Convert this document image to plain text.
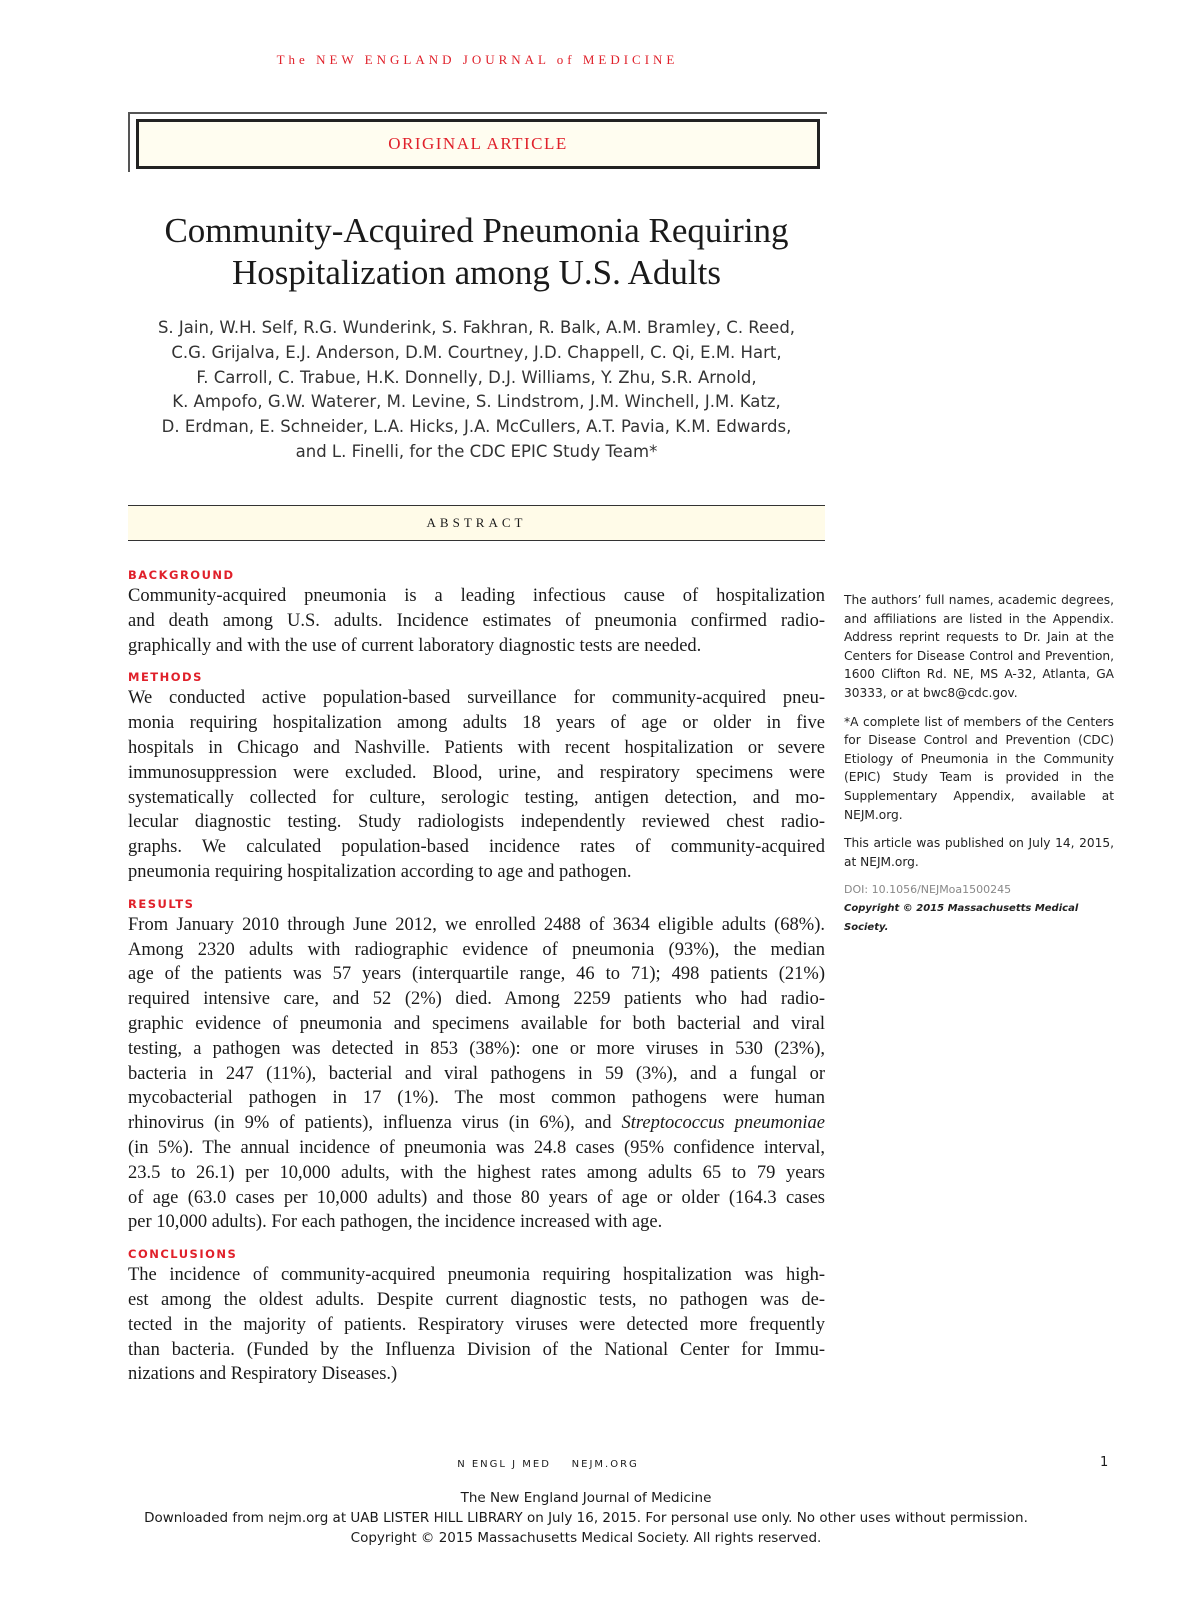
The NEW ENGLAND JOURNAL of MEDICINE
ORIGINAL ARTICLE
Community-Acquired Pneumonia Requiring
Hospitalization among U.S. Adults
S. Jain, W.H. Self, R.G. Wunderink, S. Fakhran, R. Balk, A.M. Bramley, C. Reed,
C.G. Grijalva, E.J. Anderson, D.M. Courtney, J.D. Chappell, C. Qi, E.M. Hart,
F. Carroll, C. Trabue, H.K. Donnelly, D.J. Williams, Y. Zhu, S.R. Arnold,
K. Ampofo, G.W. Waterer, M. Levine, S. Lindstrom, J.M. Winchell, J.M. Katz,
D. Erdman, E. Schneider, L.A. Hicks, J.A. McCullers, A.T. Pavia, K.M. Edwards,
and L. Finelli, for the CDC EPIC Study Team*
ABSTRACT
BACKGROUND
Community-acquired pneumonia is a leading infectious cause of hospitalization
and death among U.S. adults. Incidence estimates of pneumonia confirmed radio-
graphically and with the use of current laboratory diagnostic tests are needed.
METHODS
We conducted active population-based surveillance for community-acquired pneu-
monia requiring hospitalization among adults 18 years of age or older in five
hospitals in Chicago and Nashville. Patients with recent hospitalization or severe
immunosuppression were excluded. Blood, urine, and respiratory specimens were
systematically collected for culture, serologic testing, antigen detection, and mo-
lecular diagnostic testing. Study radiologists independently reviewed chest radio-
graphs. We calculated population-based incidence rates of community-acquired
pneumonia requiring hospitalization according to age and pathogen.
RESULTS
From January 2010 through June 2012, we enrolled 2488 of 3634 eligible adults (68%).
Among 2320 adults with radiographic evidence of pneumonia (93%), the median
age of the patients was 57 years (interquartile range, 46 to 71); 498 patients (21%)
required intensive care, and 52 (2%) died. Among 2259 patients who had radio-
graphic evidence of pneumonia and specimens available for both bacterial and viral
testing, a pathogen was detected in 853 (38%): one or more viruses in 530 (23%),
bacteria in 247 (11%), bacterial and viral pathogens in 59 (3%), and a fungal or
mycobacterial pathogen in 17 (1%). The most common pathogens were human
rhinovirus (in 9% of patients), influenza virus (in 6%), and Streptococcus pneumoniae
(in 5%). The annual incidence of pneumonia was 24.8 cases (95% confidence interval,
23.5 to 26.1) per 10,000 adults, with the highest rates among adults 65 to 79 years
of age (63.0 cases per 10,000 adults) and those 80 years of age or older (164.3 cases
per 10,000 adults). For each pathogen, the incidence increased with age.
CONCLUSIONS
The incidence of community-acquired pneumonia requiring hospitalization was high-
est among the oldest adults. Despite current diagnostic tests, no pathogen was de-
tected in the majority of patients. Respiratory viruses were detected more frequently
than bacteria. (Funded by the Influenza Division of the National Center for Immu-
nizations and Respiratory Diseases.)
The authors’ full names, academic degrees, and affiliations are listed in the Appendix. Address reprint requests to Dr. Jain at the Centers for Disease Control and Prevention, 1600 Clifton Rd. NE, MS A-32, Atlanta, GA 30333, or at bwc8@cdc.gov.
*A complete list of members of the Centers for Disease Control and Prevention (CDC) Etiology of Pneumonia in the Community (EPIC) Study Team is provided in the Supplementary Appendix, available at NEJM.org.
This article was published on July 14, 2015, at NEJM.org.
DOI: 10.1056/NEJMoa1500245
Copyright © 2015 Massachusetts Medical Society.
N ENGL J MED    NEJM.ORG	1
The New England Journal of Medicine
Downloaded from nejm.org at UAB LISTER HILL LIBRARY on July 16, 2015. For personal use only. No other uses without permission.
Copyright © 2015 Massachusetts Medical Society. All rights reserved.
